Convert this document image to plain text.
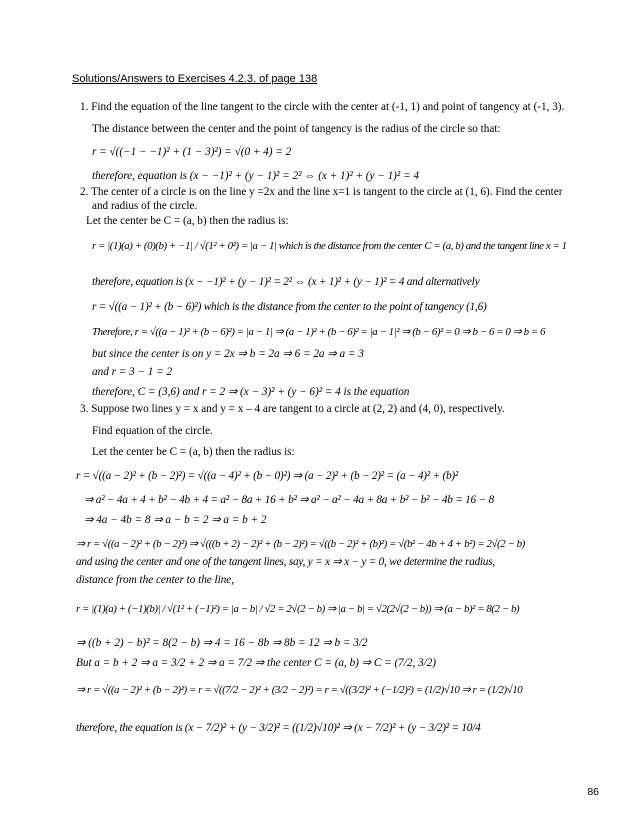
Solutions/Answers to Exercises 4.2.3. of page 138
1. Find the equation of the line tangent to the circle with the center at (-1, 1) and point of tangency at (-1, 3).
The distance between the center and the point of tangency is the radius of the circle so that:
r = √((−1 − −1)² + (1 − 3)²) = √(0 + 4) = 2
therefore, equation is (x − −1)² + (y − 1)² = 2² ⇔ (x + 1)² + (y − 1)² = 4
2. The center of a circle is on the line y =2x and the line x=1 is tangent to the circle at (1, 6). Find the center
and radius of the circle.
Let the center be C = (a, b) then the radius is:
r = |(1)(a) + (0)(b) + −1| / √(1² + 0²) = |a − 1| which is the distance from the center C = (a, b) and the tangent line x = 1
therefore, equation is (x − −1)² + (y − 1)² = 2² ⇔ (x + 1)² + (y − 1)² = 4 and alternatively
r = √((a − 1)² + (b − 6)²) which is the distance from the center to the point of tangency (1,6)
Therefore, r = √((a − 1)² + (b − 6)²) = |a − 1| ⇒ (a − 1)² + (b − 6)² = |a − 1|² ⇒ (b − 6)² = 0 ⇒ b − 6 = 0 ⇒ b = 6
but since the center is on y = 2x ⇒ b = 2a ⇒ 6 = 2a ⇒ a = 3
and r = 3 − 1 = 2
therefore, C = (3,6) and r = 2 ⇒ (x − 3)² + (y − 6)² = 4 is the equation
3. Suppose two lines y = x and y = x – 4 are tangent to a circle at (2, 2) and (4, 0), respectively.
Find equation of the circle.
Let the center be C = (a, b) then the radius is:
r = √((a − 2)² + (b − 2)²) = √((a − 4)² + (b − 0)²) ⇒ (a − 2)² + (b − 2)² = (a − 4)² + (b)²
⇒ a² − 4a + 4 + b² − 4b + 4 = a² − 8a + 16 + b² ⇒ a² − a² − 4a + 8a + b² − b² − 4b = 16 − 8
⇒ 4a − 4b = 8 ⇒ a − b = 2 ⇒ a = b + 2
⇒ r = √((a − 2)² + (b − 2)²) ⇒ √(((b + 2) − 2)² + (b − 2)²) = √((b − 2)² + (b)²) = √(b² − 4b + 4 + b²) = 2√(2 − b)
and using the center and one of the tangent lines, say, y = x ⇒ x − y = 0, we determine the radius,
distance from the center to the line,
r = |(1)(a) + (−1)(b)| / √(1² + (−1)²) = |a − b| / √2 = 2√(2 − b) ⇒ |a − b| = √2(2√(2 − b)) ⇒ (a − b)² = 8(2 − b)
⇒ ((b + 2) − b)² = 8(2 − b) ⇒ 4 = 16 − 8b ⇒ 8b = 12 ⇒ b = 3/2
But a = b + 2 ⇒ a = 3/2 + 2 ⇒ a = 7/2 ⇒ the center C = (a, b) ⇒ C = (7/2, 3/2)
⇒ r = √((a − 2)² + (b − 2)²) = r = √((7/2 − 2)² + (3/2 − 2)²) = r = √((3/2)² + (−1/2)²) = (1/2)√10 ⇒ r = (1/2)√10
therefore, the equation is (x − 7/2)² + (y − 3/2)² = ((1/2)√10)² ⇒ (x − 7/2)² + (y − 3/2)² = 10/4
86
